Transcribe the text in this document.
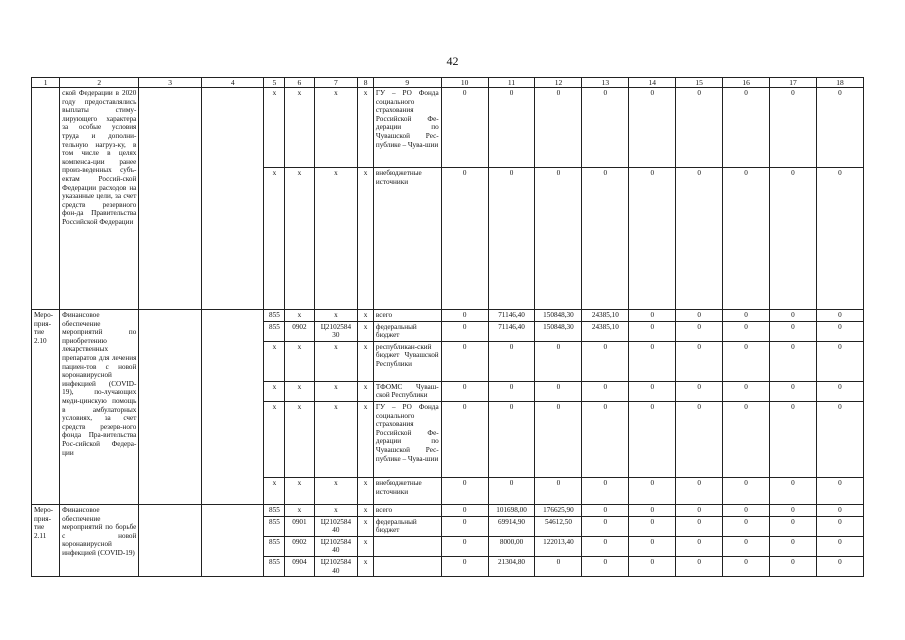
42
1	2	3	4	5	6	7	8	9	10	11	12	13	14	15	16	17	18
	ской Федерации в 2020 году предоставлялись выплаты стиму-лирующего характера за особые условия труда и дополни-тельную нагруз-ку, в том числе в целях компенса-ции ранее произ-веденных субъ-ектам Россий-ской Федерации расходов на указанные цели, за счет средств резервного фон-да Правительства Российской Федерации			x	x	x	x	ГУ – РО Фонда социального страхования Российской Фе-дерации по Чувашской Рес-публике – Чува-шии	0	0	0	0	0	0	0	0	0
				x	x	x	x	внебюджетные источники	0	0	0	0	0	0	0	0	0
Меро-прия-тие 2.10	Финансовое обеспечение мероприятий по приобретению лекарственных препаратов для лечения пациен-тов с новой коронавирусной инфекцией (COVID-19), по-лучающих меди-цинскую помощь в амбулаторных условиях, за счет средств резерв-ного фонда Пра-вительства Рос-сийской Федера-ции			855	x	x	x	всего	0	71146,40	150848,30	24385,10	0	0	0	0	0
				855	0902	Ц2102584 30	x	федеральный бюджет	0	71146,40	150848,30	24385,10	0	0	0	0	0
				x	x	x	x	республикан-ский бюджет Чувашской Республики	0	0	0	0	0	0	0	0	0
				x	x	x	x	ТФОМС Чуваш-ской Республики	0	0	0	0	0	0	0	0	0
				x	x	x	x	ГУ – РО Фонда социального страхования Российской Фе-дерации по Чувашской Рес-публике – Чува-шии	0	0	0	0	0	0	0	0	0
				x	x	x	x	внебюджетные источники	0	0	0	0	0	0	0	0	0
Меро-прия-тие 2.11	Финансовое обеспечение мероприятий по борьбе с новой коронавирусной инфекцией (COVID-19)			855	x	x	x	всего	0	101698,00	176625,90	0	0	0	0	0	0
				855	0901	Ц2102584 40	x	федеральный бюджет	0	69914,90	54612,50	0	0	0	0	0	0
				855	0902	Ц2102584 40	x		0	8000,00	122013,40	0	0	0	0	0	0
				855	0904	Ц2102584 40	x		0	21304,80	0	0	0	0	0	0	0
